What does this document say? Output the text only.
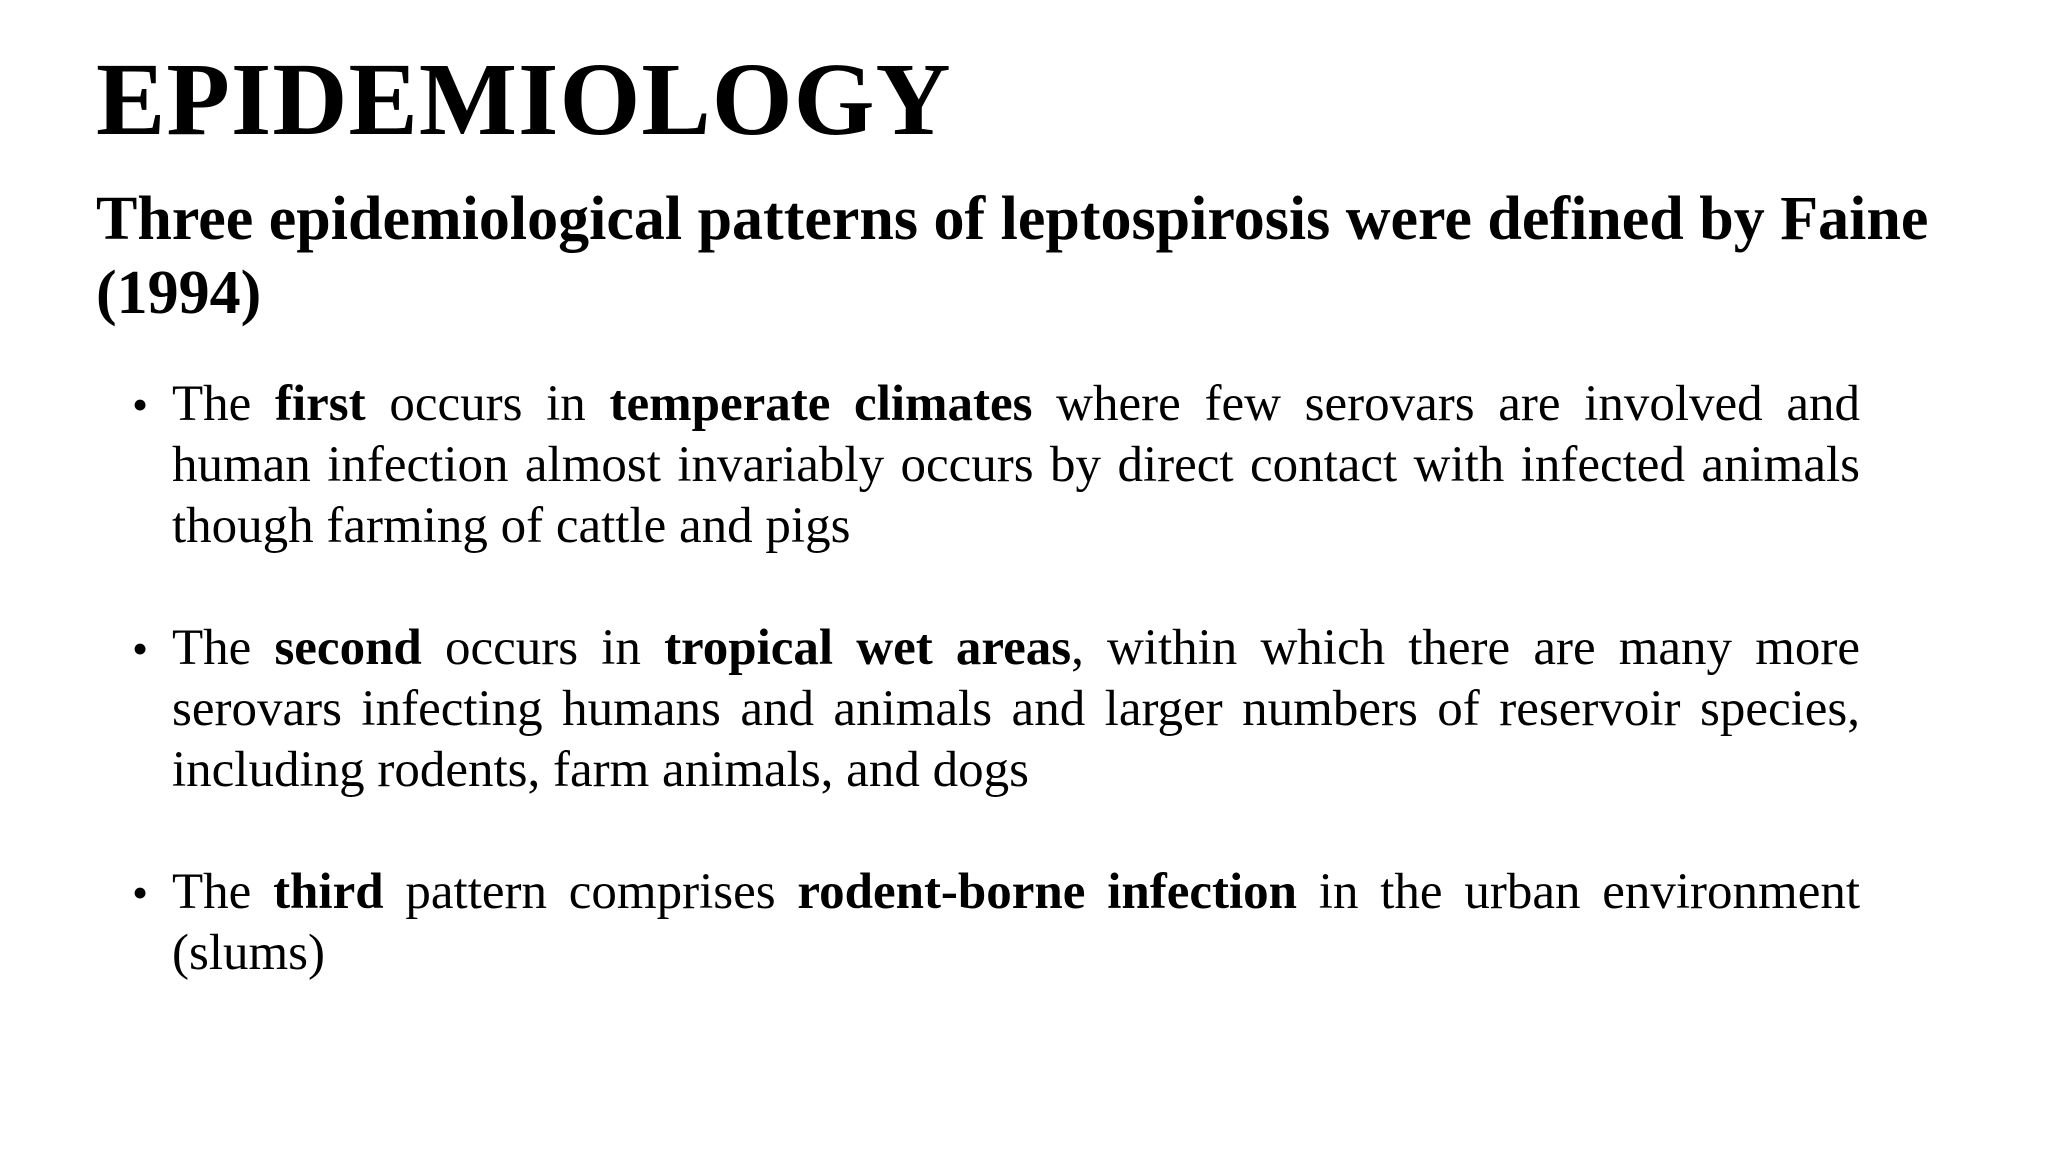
EPIDEMIOLOGY
Three epidemiological patterns of leptospirosis were defined by Faine (1994)
• The first occurs in temperate climates where few serovars are involved and human infection almost invariably occurs by direct contact with infected animals though farming of cattle and pigs
• The second occurs in tropical wet areas, within which there are many more serovars infecting humans and animals and larger numbers of reservoir species, including rodents, farm animals, and dogs
• The third pattern comprises rodent-borne infection in the urban environment (slums)
